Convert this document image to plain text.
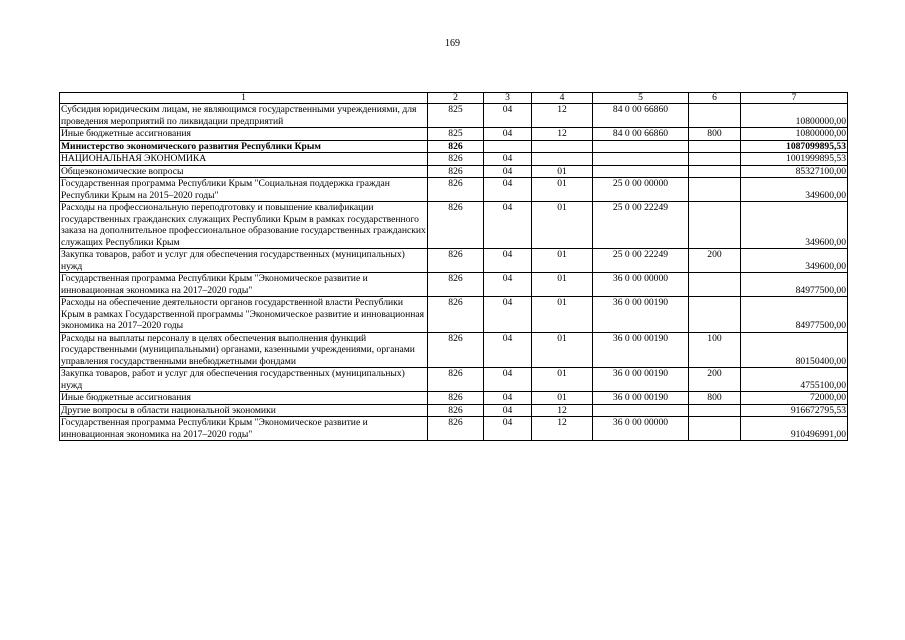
169
1	2	3	4	5	6	7
Субсидия юридическим лицам, не являющимся государственными учреждениями, для проведения мероприятий по ликвидации предприятий	825	04	12	84 0 00 66860		10800000,00
Иные бюджетные ассигнования	825	04	12	84 0 00 66860	800	10800000,00
Министерство экономического развития Республики Крым	826					1087099895,53
НАЦИОНАЛЬНАЯ ЭКОНОМИКА	826	04				1001999895,53
Общеэкономические вопросы	826	04	01			85327100,00
Государственная программа Республики Крым "Социальная поддержка граждан Республики Крым на 2015–2020 годы"	826	04	01	25 0 00 00000		349600,00
Расходы на профессиональную переподготовку и повышение квалификации государственных гражданских служащих Республики Крым в рамках государственного заказа на дополнительное профессиональное образование государственных гражданских служащих Республики Крым	826	04	01	25 0 00 22249		349600,00
Закупка товаров, работ и услуг для обеспечения государственных (муниципальных) нужд	826	04	01	25 0 00 22249	200	349600,00
Государственная программа Республики Крым "Экономическое развитие и инновационная экономика на 2017–2020 годы"	826	04	01	36 0 00 00000		84977500,00
Расходы на обеспечение деятельности органов государственной власти Республики Крым в рамках Государственной программы "Экономическое развитие и инновационная экономика на 2017–2020 годы	826	04	01	36 0 00 00190		84977500,00
Расходы на выплаты персоналу в целях обеспечения выполнения функций государственными (муниципальными) органами, казенными учреждениями, органами управления государственными внебюджетными фондами	826	04	01	36 0 00 00190	100	80150400,00
Закупка товаров, работ и услуг для обеспечения государственных (муниципальных) нужд	826	04	01	36 0 00 00190	200	4755100,00
Иные бюджетные ассигнования	826	04	01	36 0 00 00190	800	72000,00
Другие вопросы в области национальной экономики	826	04	12			916672795,53
Государственная программа Республики Крым "Экономическое развитие и инновационная экономика на 2017–2020 годы"	826	04	12	36 0 00 00000		910496991,00
